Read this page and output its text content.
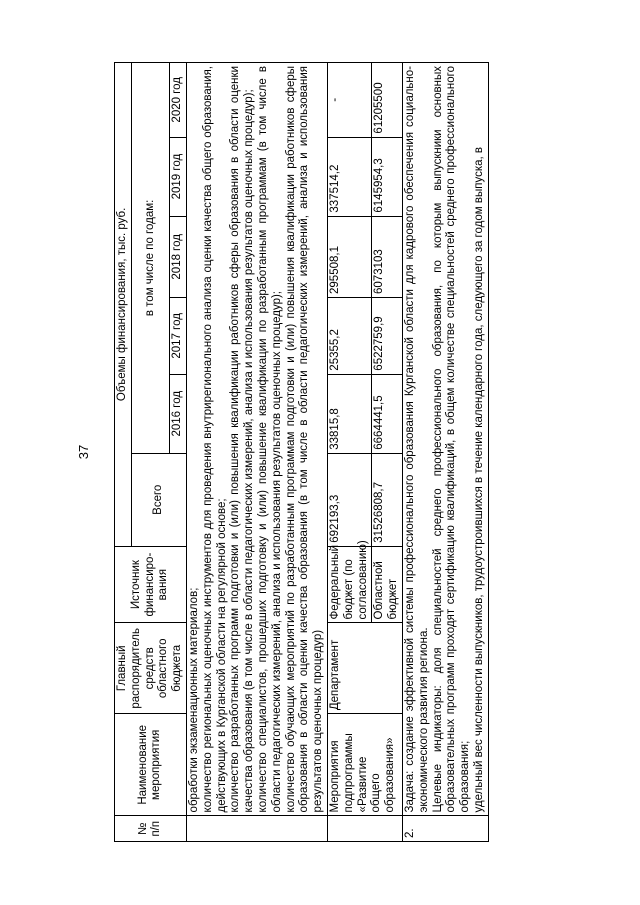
37
№ п/п	Наименование мероприятия	Главный распорядитель средств областного бюджета	Источник финансиро-вания	Объемы финансирования, тыс. руб.					
				Всего	в том числе по годам:				
					2016 год	2017 год	2018 год	2019 год	2020 год

	обработки экзаменационных материалов; количество региональных оценочных инструментов для проведения внутрирегионального анализа оценки качества общего образования, действующих в Курганской области на регулярной основе; количество разработанных программ подготовки и (или) повышения квалификации работников сферы образования в области оценки качества образования (в том числе в области педагогических измерений, анализа и использования результатов оценочных процедур); количество специалистов, прошедших подготовку и (или) повышение квалификации по разработанным программам (в том числе в области педагогических измерений, анализа и использования результатов оценочных процедур); количество обучающих мероприятий по разработанным программам подготовки и (или) повышения квалификации работников сферы образования в области оценки качества образования (в том числе в области педагогических измерений, анализа и использования результатов оценочных процедур)								

	Мероприятия подпрограммы «Развитие общего образования»	Департамент	Федеральный бюджет (по согласованию)	692193,3	33815,8	25355,2	295508,1	337514,2	-
			Областной бюджет	31526808,7	6664441,5	6522759,9	6073103	6145954,3	61205500
2.	Задача: создание эффективной системы профессионального образования Курганской области для кадрового обеспечения социально-экономического развития региона. Целевые индикаторы: доля специальностей среднего профессионального образования, по которым выпускники основных образовательных программ проходят сертификацию квалификаций, в общем количестве специальностей среднего профессионального образования; удельный вес численности выпускников, трудоустроившихся в течение календарного года, следующего за годом выпуска, в								
